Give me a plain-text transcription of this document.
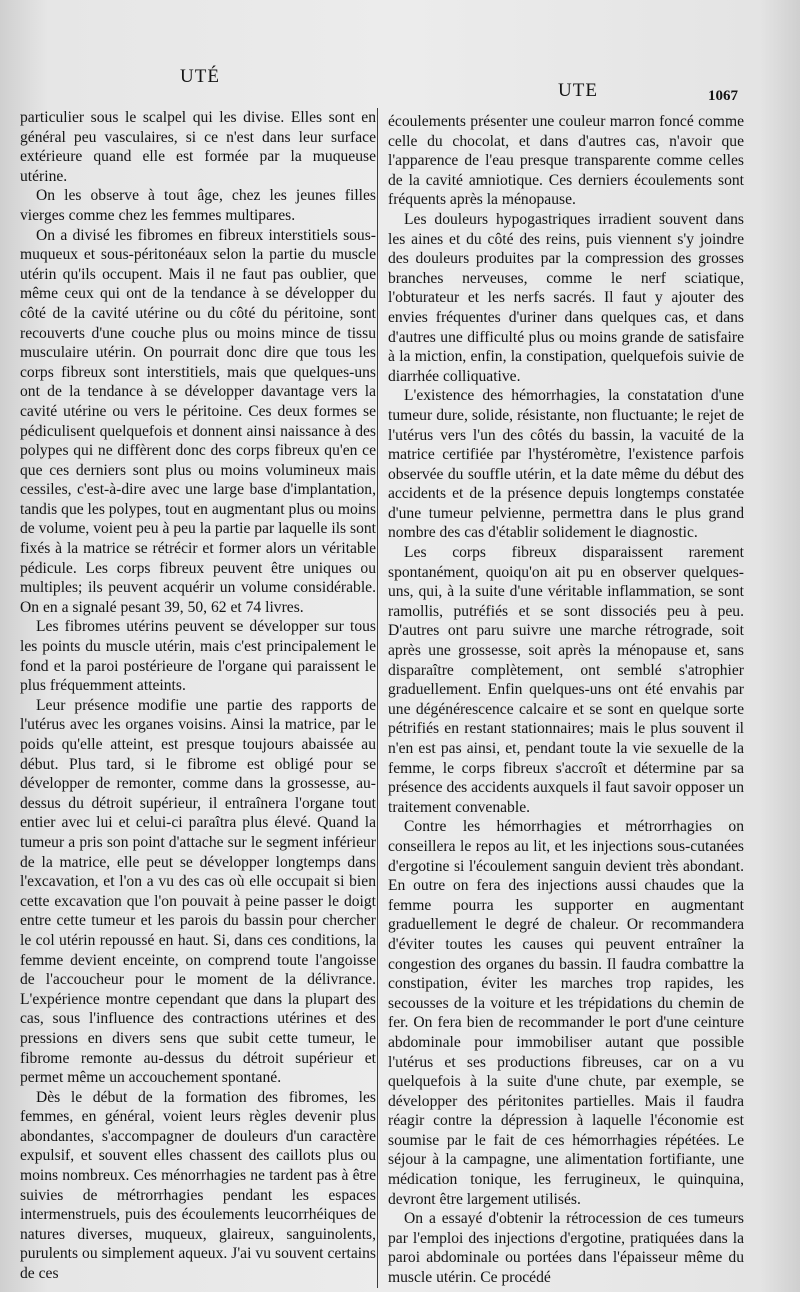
UTÉ
UTE	1067

particulier sous le scalpel qui les divise. Elles sont en général peu vasculaires, si ce n'est dans leur surface extérieure quand elle est formée par la muqueuse utérine.

On les observe à tout âge, chez les jeunes filles vierges comme chez les femmes multipares.

On a divisé les fibromes en fibreux interstitiels sous-muqueux et sous-péritonéaux selon la partie du muscle utérin qu'ils occupent. Mais il ne faut pas oublier, que même ceux qui ont de la tendance à se développer du côté de la cavité utérine ou du côté du péritoine, sont recouverts d'une couche plus ou moins mince de tissu musculaire utérin. On pourrait donc dire que tous les corps fibreux sont interstitiels, mais que quelques-uns ont de la tendance à se développer davantage vers la cavité utérine ou vers le péritoine. Ces deux formes se pédiculisent quelquefois et donnent ainsi naissance à des polypes qui ne diffèrent donc des corps fibreux qu'en ce que ces derniers sont plus ou moins volumineux mais cessiles, c'est-à-dire avec une large base d'implantation, tandis que les polypes, tout en augmentant plus ou moins de volume, voient peu à peu la partie par laquelle ils sont fixés à la matrice se rétrécir et former alors un véritable pédicule. Les corps fibreux peuvent être uniques ou multiples; ils peuvent acquérir un volume considérable. On en a signalé pesant 39, 50, 62 et 74 livres.

Les fibromes utérins peuvent se développer sur tous les points du muscle utérin, mais c'est principalement le fond et la paroi postérieure de l'organe qui paraissent le plus fréquemment atteints.

Leur présence modifie une partie des rapports de l'utérus avec les organes voisins. Ainsi la matrice, par le poids qu'elle atteint, est presque toujours abaissée au début. Plus tard, si le fibrome est obligé pour se développer de remonter, comme dans la grossesse, au-dessus du détroit supérieur, il entraînera l'organe tout entier avec lui et celui-ci paraîtra plus élevé. Quand la tumeur a pris son point d'attache sur le segment inférieur de la matrice, elle peut se développer longtemps dans l'excavation, et l'on a vu des cas où elle occupait si bien cette excavation que l'on pouvait à peine passer le doigt entre cette tumeur et les parois du bassin pour chercher le col utérin repoussé en haut. Si, dans ces conditions, la femme devient enceinte, on comprend toute l'angoisse de l'accoucheur pour le moment de la délivrance. L'expérience montre cependant que dans la plupart des cas, sous l'influence des contractions utérines et des pressions en divers sens que subit cette tumeur, le fibrome remonte au-dessus du détroit supérieur et permet même un accouchement spontané.

Dès le début de la formation des fibromes, les femmes, en général, voient leurs règles devenir plus abondantes, s'accompagner de douleurs d'un caractère expulsif, et souvent elles chassent des caillots plus ou moins nombreux. Ces ménorrhagies ne tardent pas à être suivies de métrorrhagies pendant les espaces intermenstruels, puis des écoulements leucorrhéiques de natures diverses, muqueux, glaireux, sanguinolents, purulents ou simplement aqueux. J'ai vu souvent certains de ces

écoulements présenter une couleur marron foncé comme celle du chocolat, et dans d'autres cas, n'avoir que l'apparence de l'eau presque transparente comme celles de la cavité amniotique. Ces derniers écoulements sont fréquents après la ménopause.

Les douleurs hypogastriques irradient souvent dans les aines et du côté des reins, puis viennent s'y joindre des douleurs produites par la compression des grosses branches nerveuses, comme le nerf sciatique, l'obturateur et les nerfs sacrés. Il faut y ajouter des envies fréquentes d'uriner dans quelques cas, et dans d'autres une difficulté plus ou moins grande de satisfaire à la miction, enfin, la constipation, quelquefois suivie de diarrhée colliquative.

L'existence des hémorrhagies, la constatation d'une tumeur dure, solide, résistante, non fluctuante; le rejet de l'utérus vers l'un des côtés du bassin, la vacuité de la matrice certifiée par l'hystéromètre, l'existence parfois observée du souffle utérin, et la date même du début des accidents et de la présence depuis longtemps constatée d'une tumeur pelvienne, permettra dans le plus grand nombre des cas d'établir solidement le diagnostic.

Les corps fibreux disparaissent rarement spontanément, quoiqu'on ait pu en observer quelques-uns, qui, à la suite d'une véritable inflammation, se sont ramollis, putréfiés et se sont dissociés peu à peu. D'autres ont paru suivre une marche rétrograde, soit après une grossesse, soit après la ménopause et, sans disparaître complètement, ont semblé s'atrophier graduellement. Enfin quelques-uns ont été envahis par une dégénérescence calcaire et se sont en quelque sorte pétrifiés en restant stationnaires; mais le plus souvent il n'en est pas ainsi, et, pendant toute la vie sexuelle de la femme, le corps fibreux s'accroît et détermine par sa présence des accidents auxquels il faut savoir opposer un traitement convenable.

Contre les hémorrhagies et métrorrhagies on conseillera le repos au lit, et les injections sous-cutanées d'ergotine si l'écoulement sanguin devient très abondant. En outre on fera des injections aussi chaudes que la femme pourra les supporter en augmentant graduellement le degré de chaleur. Or recommandera d'éviter toutes les causes qui peuvent entraîner la congestion des organes du bassin. Il faudra combattre la constipation, éviter les marches trop rapides, les secousses de la voiture et les trépidations du chemin de fer. On fera bien de recommander le port d'une ceinture abdominale pour immobiliser autant que possible l'utérus et ses productions fibreuses, car on a vu quelquefois à la suite d'une chute, par exemple, se développer des péritonites partielles. Mais il faudra réagir contre la dépression à laquelle l'économie est soumise par le fait de ces hémorrhagies répétées. Le séjour à la campagne, une alimentation fortifiante, une médication tonique, les ferrugineux, le quinquina, devront être largement utilisés.

On a essayé d'obtenir la rétrocession de ces tumeurs par l'emploi des injections d'ergotine, pratiquées dans la paroi abdominale ou portées dans l'épaisseur même du muscle utérin. Ce procédé
